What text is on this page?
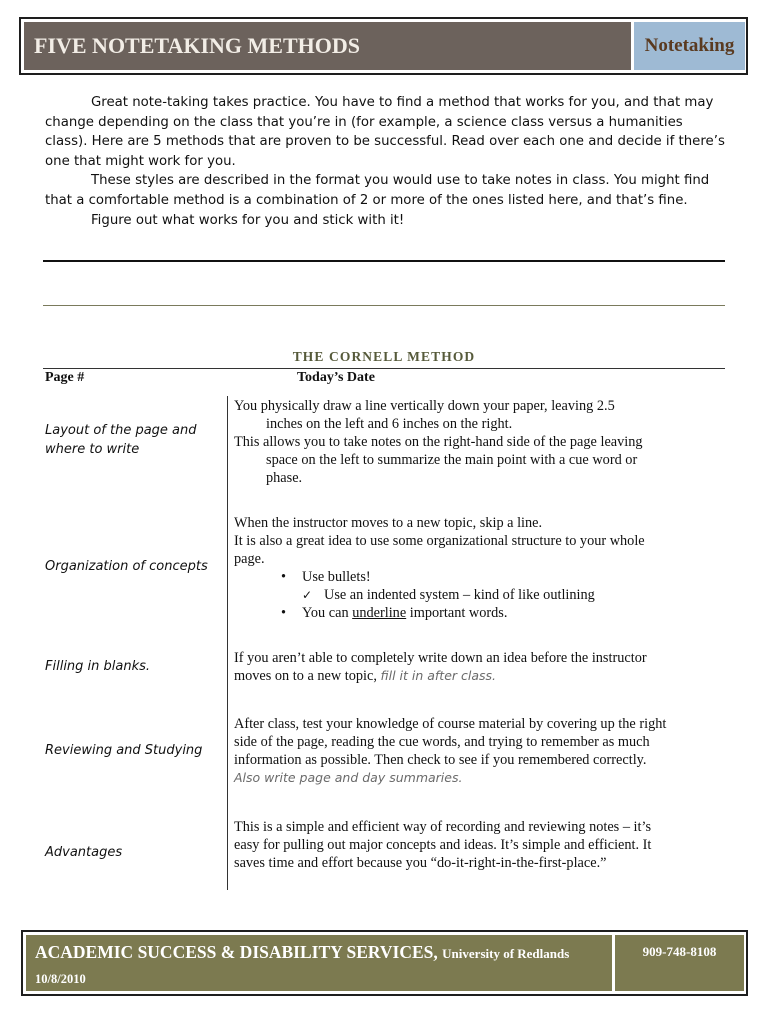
FIVE NOTETAKING METHODS	Notetaking

Great note-taking takes practice. You have to find a method that works for you, and that may change depending on the class that you’re in (for example, a science class versus a humanities class). Here are 5 methods that are proven to be successful. Read over each one and decide if there’s one that might work for you.

These styles are described in the format you would use to take notes in class. You might find that a comfortable method is a combination of 2 or more of the ones listed here, and that’s fine.

Figure out what works for you and stick with it!

THE CORNELL METHOD
Page #	Today’s Date
Layout of the page and where to write
Organization of concepts
Filling in blanks.
Reviewing and Studying
Advantages
You physically draw a line vertically down your paper, leaving 2.5
inches on the left and 6 inches on the right.
This allows you to take notes on the right-hand side of the page leaving
space on the left to summarize the main point with a cue word or phase.
When the instructor moves to a new topic, skip a line.
It is also a great idea to use some organizational structure to your whole page.
• Use bullets!
✓ Use an indented system – kind of like outlining
• You can underline important words.
If you aren’t able to completely write down an idea before the instructor moves on to a new topic, fill it in after class.
After class, test your knowledge of course material by covering up the right side of the page, reading the cue words, and trying to remember as much information as possible. Then check to see if you remembered correctly. Also write page and day summaries.
This is a simple and efficient way of recording and reviewing notes – it’s easy for pulling out major concepts and ideas. It’s simple and efficient. It saves time and effort because you “do-it-right-in-the-first-place.”
ACADEMIC SUCCESS & DISABILITY SERVICES, University of Redlands
10/8/2010
909-748-8108
